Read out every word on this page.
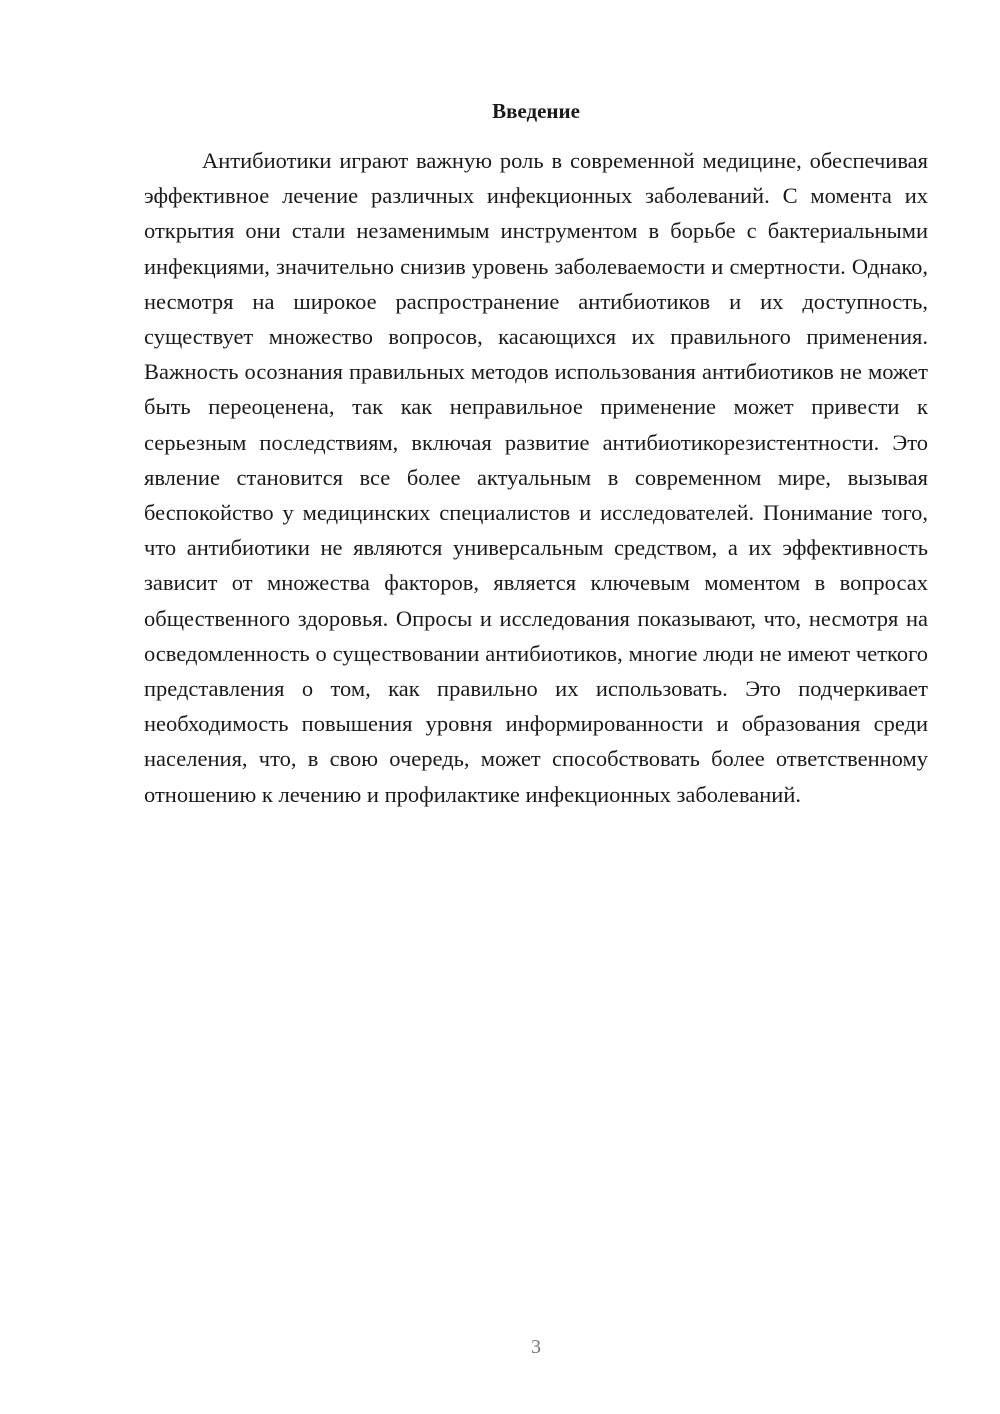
Введение

Антибиотики играют важную роль в современной медицине, обеспечивая эффективное лечение различных инфекционных заболеваний. С момента их открытия они стали незаменимым инструментом в борьбе с бактериальными инфекциями, значительно снизив уровень заболеваемости и смертности. Однако, несмотря на широкое распространение антибиотиков и их доступность, существует множество вопросов, касающихся их правильного применения. Важность осознания правильных методов использования антибиотиков не может быть переоценена, так как неправильное применение может привести к серьезным последствиям, включая развитие антибиотикорезистентности. Это явление становится все более актуальным в современном мире, вызывая беспокойство у медицинских специалистов и исследователей. Понимание того, что антибиотики не являются универсальным средством, а их эффективность зависит от множества факторов, является ключевым моментом в вопросах общественного здоровья. Опросы и исследования показывают, что, несмотря на осведомленность о существовании антибиотиков, многие люди не имеют четкого представления о том, как правильно их использовать. Это подчеркивает необходимость повышения уровня информированности и образования среди населения, что, в свою очередь, может способствовать более ответственному отношению к лечению и профилактике инфекционных заболеваний.

3
